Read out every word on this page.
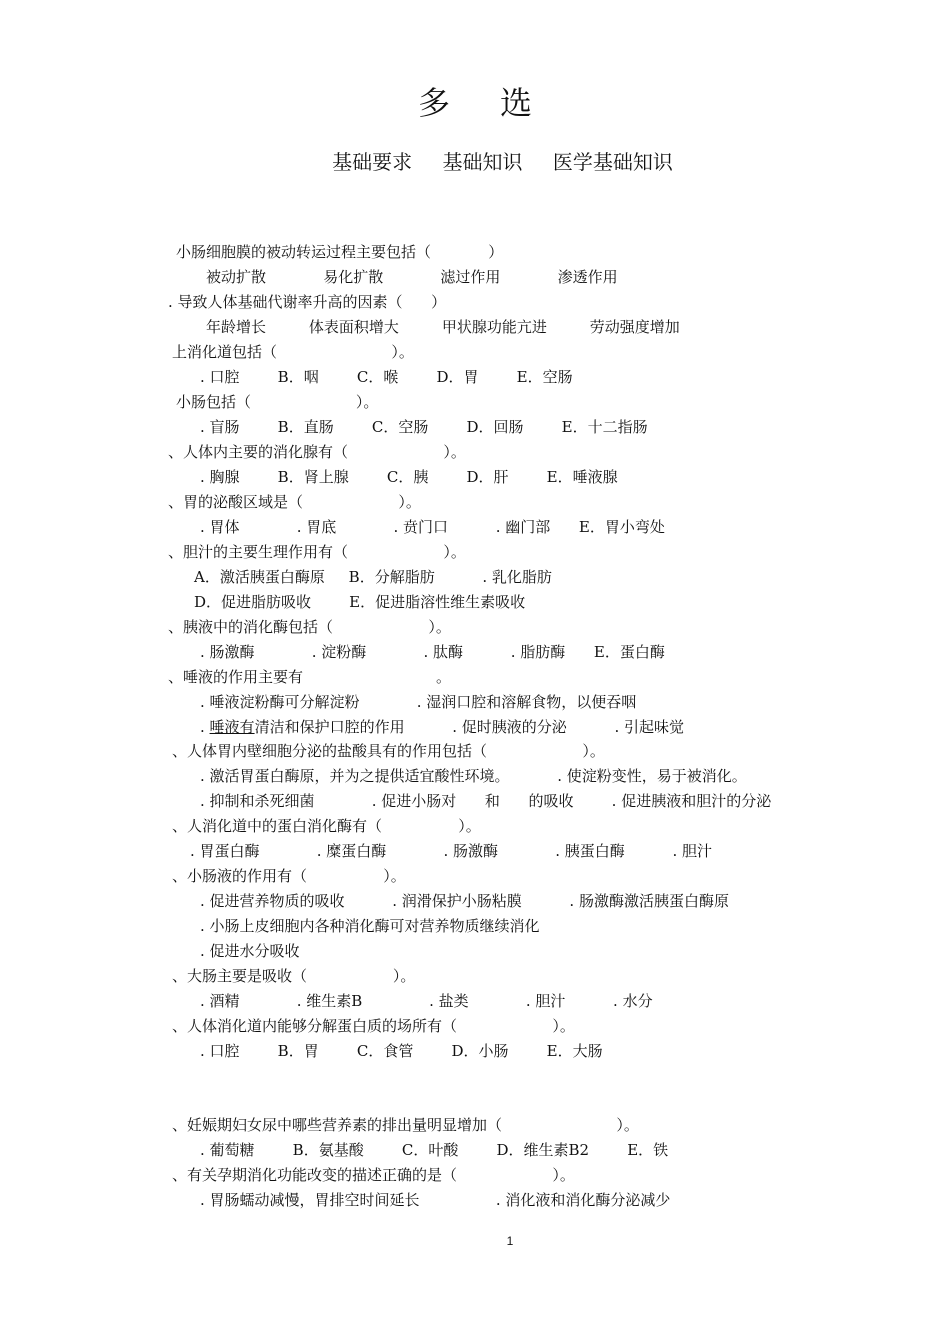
多 选
基础要求 基础知识 医学基础知识
小肠细胞膜的被动转运过程主要包括（            ）
被动扩散            易化扩散            滤过作用            渗透作用
. 导致人体基础代谢率升高的因素（      ）
年龄增长         体表面积增大         甲状腺功能亢进         劳动强度增加
上消化道包括（                        ）。
. 口腔        B．咽        C．喉        D．胃        E．空肠
小肠包括（                      ）。
. 盲肠        B．直肠        C．空肠        D．回肠        E．十二指肠
、人体内主要的消化腺有（                    ）。
. 胸腺        B．肾上腺        C．胰        D．肝        E．唾液腺
、胃的泌酸区域是（                    ）。
. 胃体            . 胃底            . 贲门口          . 幽门部      E．胃小弯处
、胆汁的主要生理作用有（                    ）。
A．激活胰蛋白酶原     B．分解脂肪          . 乳化脂肪
D．促进脂肪吸收        E．促进脂溶性维生素吸收
、胰液中的消化酶包括（                    ）。
. 肠激酶            . 淀粉酶            . 肽酶          . 脂肪酶      E．蛋白酶
、唾液的作用主要有	。
. 唾液淀粉酶可分解淀粉            . 湿润口腔和溶解食物，以便吞咽
. 唾液有清洁和保护口腔的作用          . 促时胰液的分泌          . 引起味觉
、人体胃内壁细胞分泌的盐酸具有的作用包括（                    ）。
. 激活胃蛋白酶原，并为之提供适宜酸性环境。          . 使淀粉变性，易于被消化。
. 抑制和杀死细菌            . 促进小肠对      和      的吸收        . 促进胰液和胆汁的分泌
、人消化道中的蛋白消化酶有（                ）。
. 胃蛋白酶            . 糜蛋白酶            . 肠激酶            . 胰蛋白酶          . 胆汁
、小肠液的作用有（                ）。
. 促进营养物质的吸收          . 润滑保护小肠粘膜          . 肠激酶激活胰蛋白酶原
. 小肠上皮细胞内各种消化酶可对营养物质继续消化
. 促进水分吸收
、大肠主要是吸收（                  ）。
. 酒精            . 维生素B              . 盐类            . 胆汁          . 水分
、人体消化道内能够分解蛋白质的场所有（                    ）。
. 口腔        B．胃        C．食管        D．小肠        E．大肠
、妊娠期妇女尿中哪些营养素的排出量明显增加（                        ）。
. 葡萄糖        B．氨基酸        C．叶酸        D．维生素B2        E．铁
、有关孕期消化功能改变的描述正确的是（                    ）。
. 胃肠蠕动减慢，胃排空时间延长                . 消化液和消化酶分泌减少
1
